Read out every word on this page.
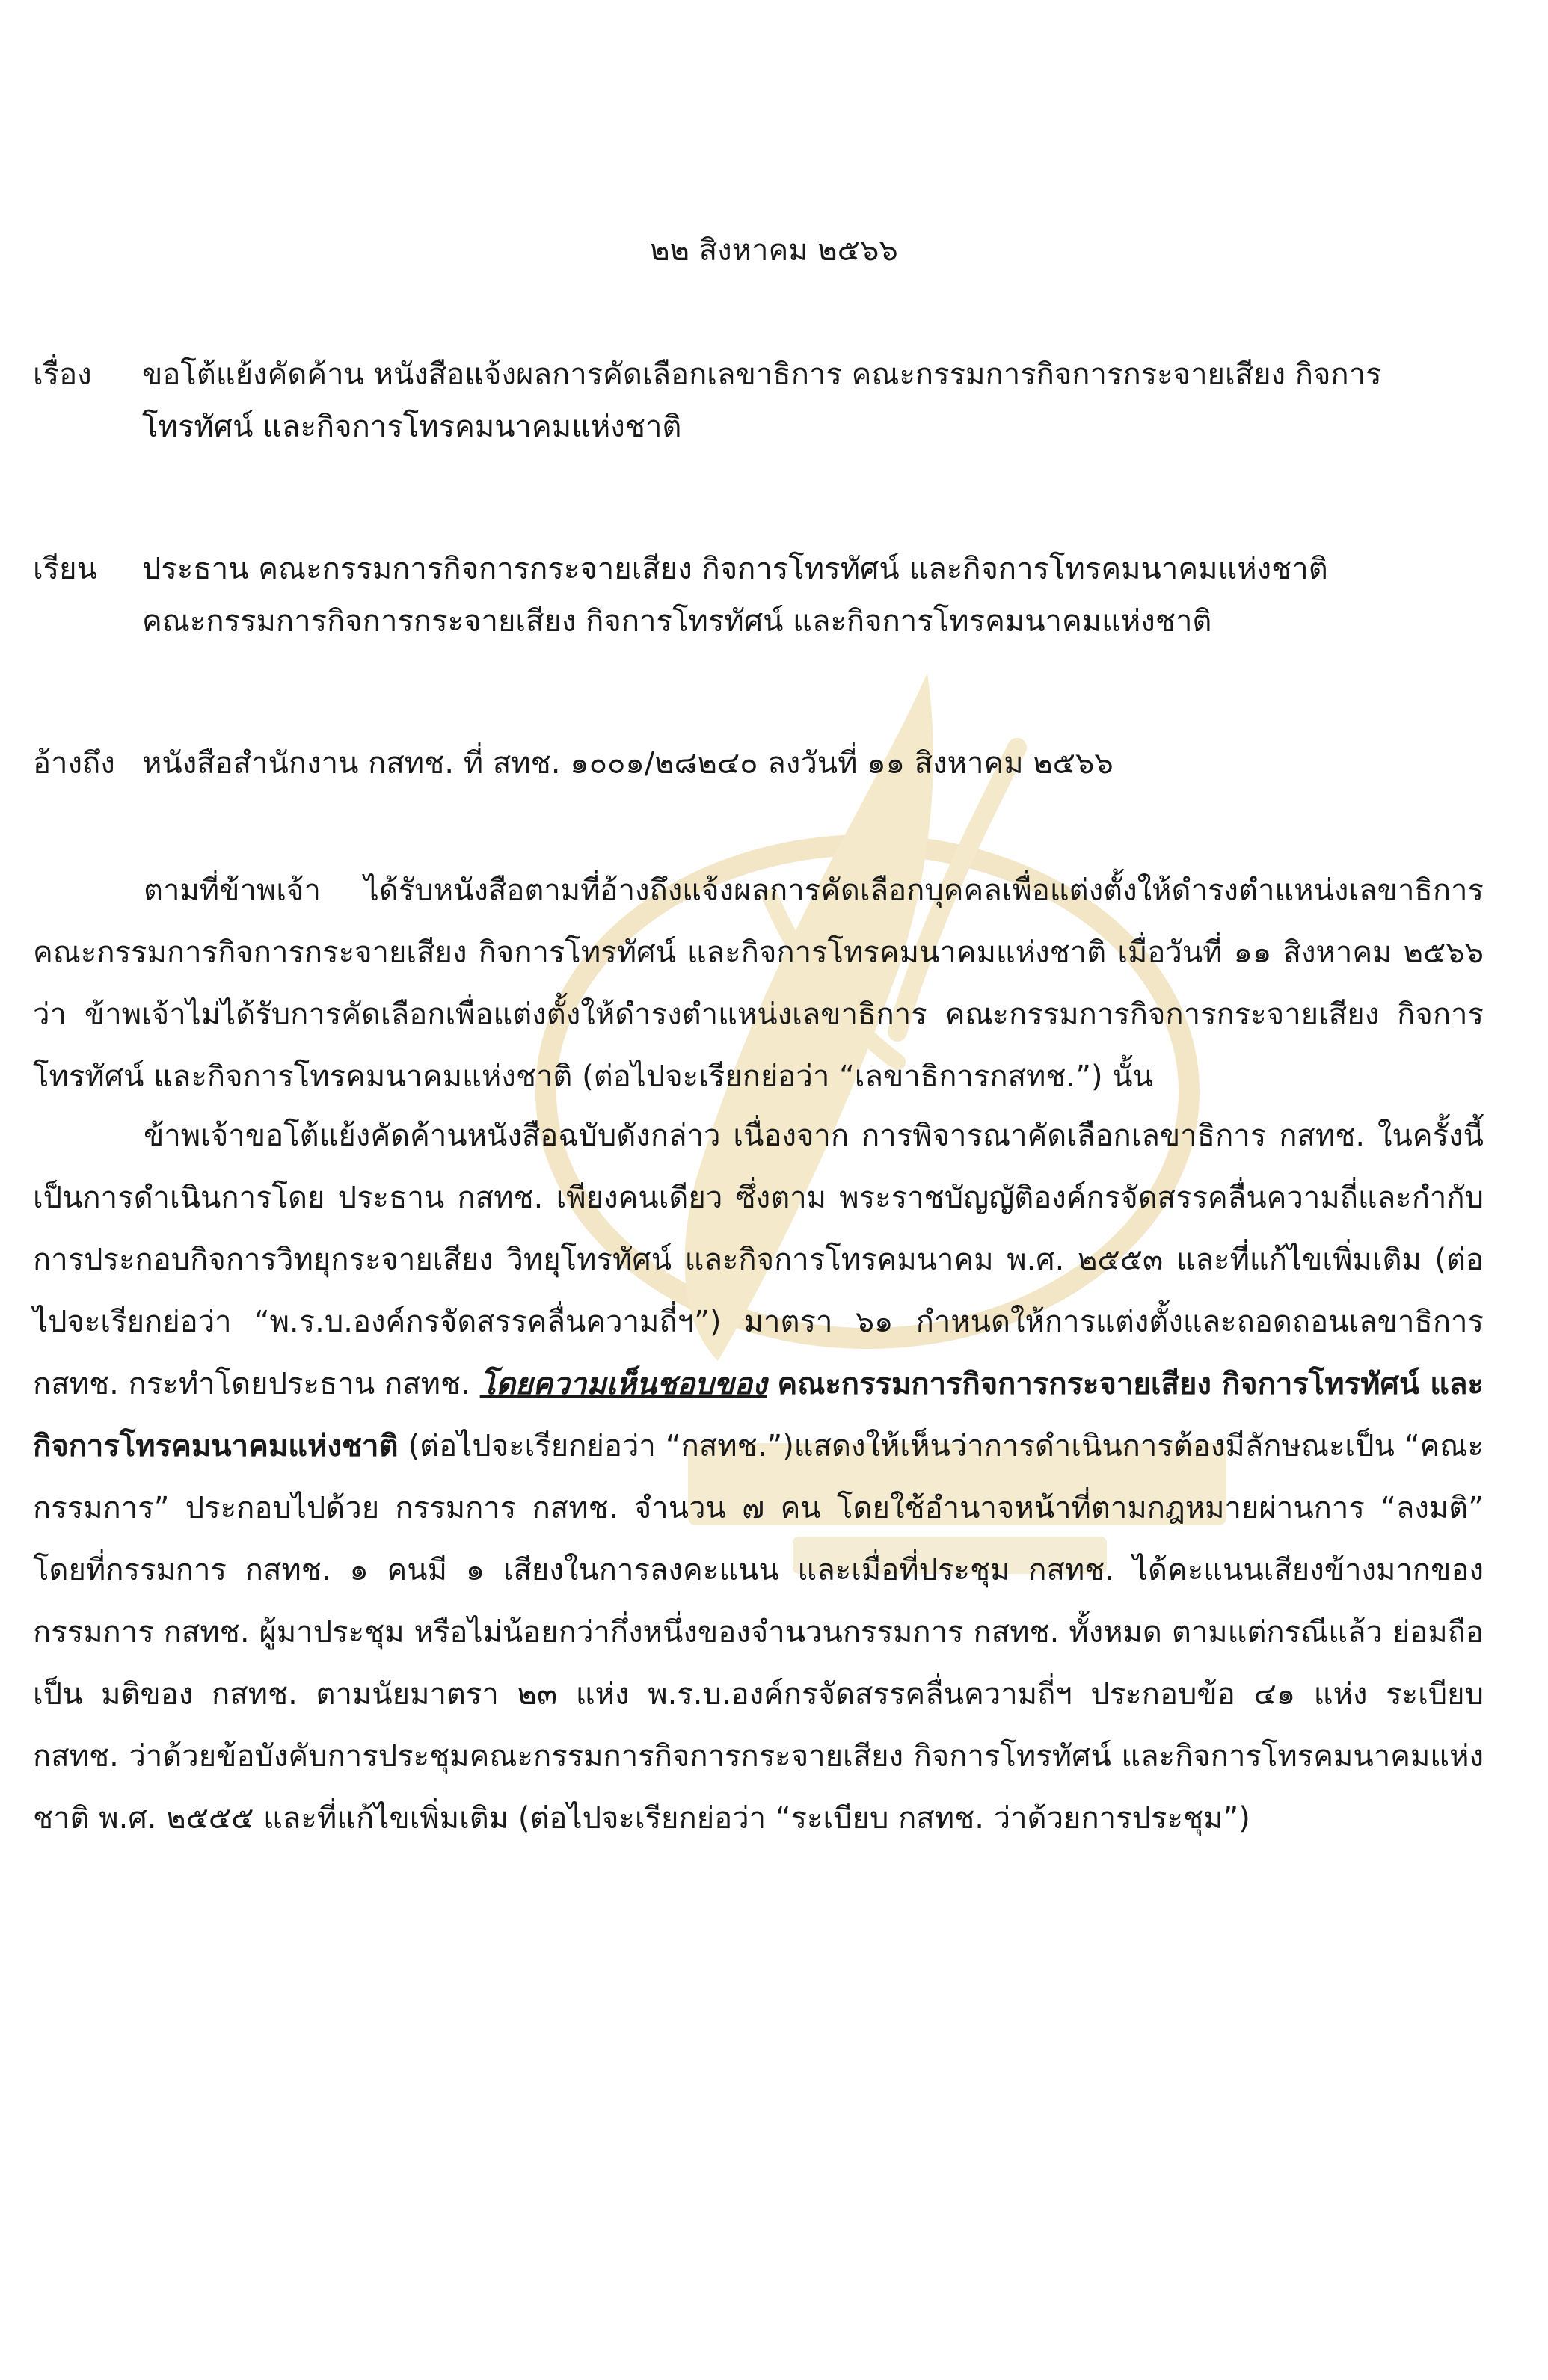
๒๒ สิงหาคม ๒๕๖๖
เรื่อง ขอโต้แย้งคัดค้าน หนังสือแจ้งผลการคัดเลือกเลขาธิการ คณะกรรมการกิจการกระจายเสียง กิจการ
โทรทัศน์ และกิจการโทรคมนาคมแห่งชาติ
เรียน ประธาน คณะกรรมการกิจการกระจายเสียง กิจการโทรทัศน์ และกิจการโทรคมนาคมแห่งชาติ
คณะกรรมการกิจการกระจายเสียง กิจการโทรทัศน์ และกิจการโทรคมนาคมแห่งชาติ
อ้างถึง หนังสือสำนักงาน กสทช. ที่ สทช. ๑๐๐๑/๒๘๒๔๐ ลงวันที่ ๑๑ สิงหาคม ๒๕๖๖

ตามที่ข้าพเจ้า ได้รับหนังสือตามที่อ้างถึงแจ้งผลการคัดเลือกบุคคลเพื่อแต่งตั้งให้ดำรงตำแหน่งเลขาธิการ คณะกรรมการกิจการกระจายเสียง กิจการโทรทัศน์ และกิจการโทรคมนาคมแห่งชาติ เมื่อวันที่ ๑๑ สิงหาคม ๒๕๖๖ ว่า ข้าพเจ้าไม่ได้รับการคัดเลือกเพื่อแต่งตั้งให้ดำรงตำแหน่งเลขาธิการ คณะกรรมการกิจการกระจายเสียง กิจการโทรทัศน์ และกิจการโทรคมนาคมแห่งชาติ (ต่อไปจะเรียกย่อว่า “เลขาธิการกสทช.”) นั้น

ข้าพเจ้าขอโต้แย้งคัดค้านหนังสือฉบับดังกล่าว เนื่องจาก การพิจารณาคัดเลือกเลขาธิการ กสทช. ในครั้งนี้ เป็นการดำเนินการโดย ประธาน กสทช. เพียงคนเดียว ซึ่งตาม พระราชบัญญัติองค์กรจัดสรรคลื่นความถี่และกำกับการประกอบกิจการวิทยุกระจายเสียง วิทยุโทรทัศน์ และกิจการโทรคมนาคม พ.ศ. ๒๕๕๓ และที่แก้ไขเพิ่มเติม (ต่อไปจะเรียกย่อว่า “พ.ร.บ.องค์กรจัดสรรคลื่นความถี่ฯ”) มาตรา ๖๑ กำหนดให้การแต่งตั้งและถอดถอนเลขาธิการ กสทช. กระทำโดยประธาน กสทช. โดยความเห็นชอบของ คณะกรรมการกิจการกระจายเสียง กิจการโทรทัศน์ และกิจการโทรคมนาคมแห่งชาติ (ต่อไปจะเรียกย่อว่า “กสทช.”)แสดงให้เห็นว่าการดำเนินการต้องมีลักษณะเป็น “คณะกรรมการ” ประกอบไปด้วย กรรมการ กสทช. จำนวน ๗ คน โดยใช้อำนาจหน้าที่ตามกฎหมายผ่านการ “ลงมติ” โดยที่กรรมการ กสทช. ๑ คนมี ๑ เสียงในการลงคะแนน และเมื่อที่ประชุม กสทช. ได้คะแนนเสียงข้างมากของกรรมการ กสทช. ผู้มาประชุม หรือไม่น้อยกว่ากึ่งหนึ่งของจำนวนกรรมการ กสทช. ทั้งหมด ตามแต่กรณีแล้ว ย่อมถือเป็น มติของ กสทช. ตามนัยมาตรา ๒๓ แห่ง พ.ร.บ.องค์กรจัดสรรคลื่นความถี่ฯ ประกอบข้อ ๔๑ แห่ง ระเบียบ กสทช. ว่าด้วยข้อบังคับการประชุมคณะกรรมการกิจการกระจายเสียง กิจการโทรทัศน์ และกิจการโทรคมนาคมแห่งชาติ พ.ศ. ๒๕๕๕ และที่แก้ไขเพิ่มเติม (ต่อไปจะเรียกย่อว่า “ระเบียบ กสทช. ว่าด้วยการประชุม”)
